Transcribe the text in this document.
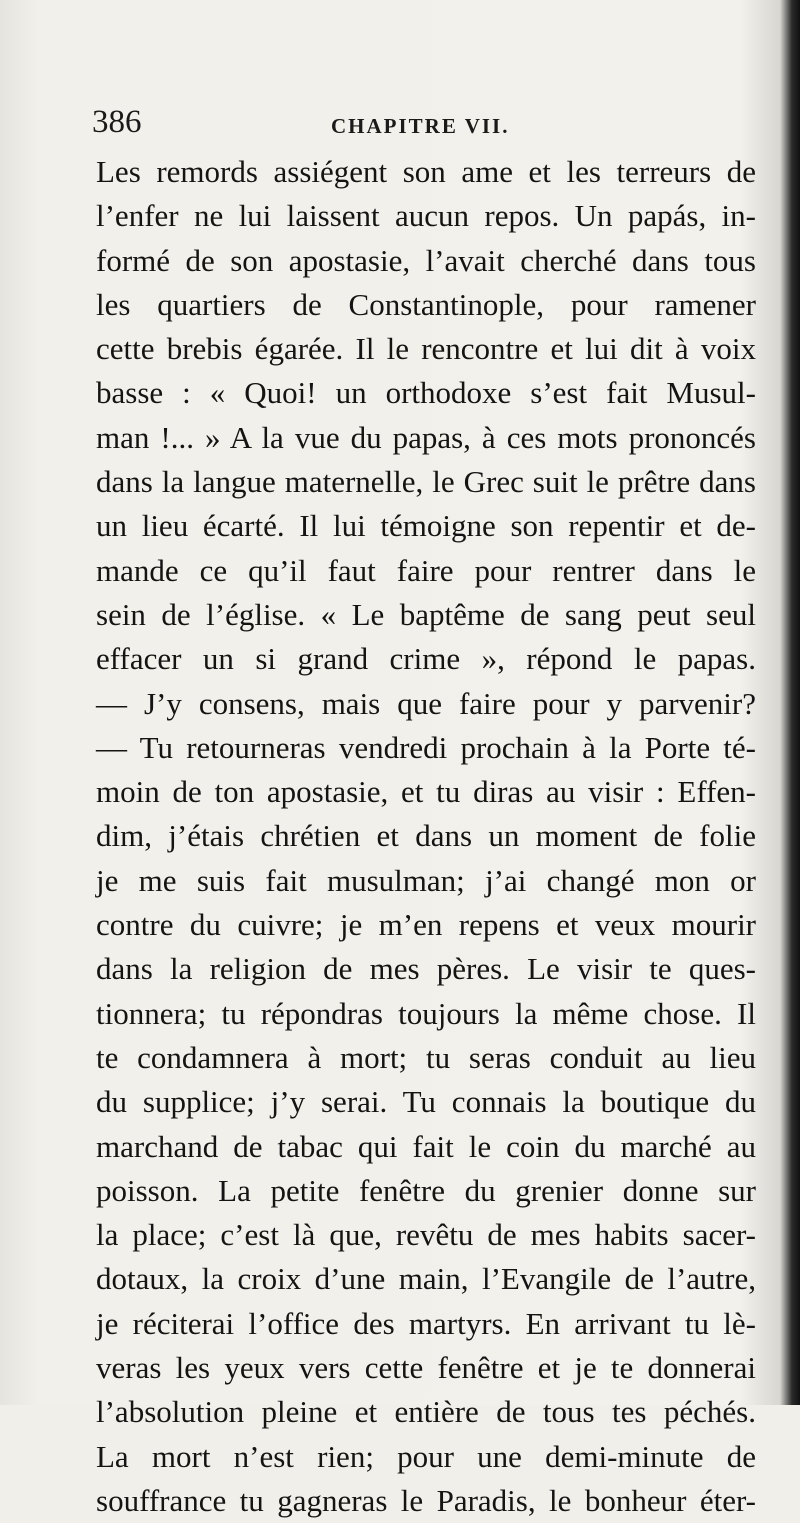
386	CHAPITRE VII.
Les remords assiégent son ame et les terreurs de
l’enfer ne lui laissent aucun repos. Un papás, in-
formé de son apostasie, l’avait cherché dans tous
les quartiers de Constantinople, pour ramener
cette brebis égarée. Il le rencontre et lui dit à voix
basse : « Quoi! un orthodoxe s’est fait Musul-
man !... » A la vue du papas, à ces mots prononcés
dans la langue maternelle, le Grec suit le prêtre dans
un lieu écarté. Il lui témoigne son repentir et de-
mande ce qu’il faut faire pour rentrer dans le
sein de l’église. « Le baptême de sang peut seul
effacer un si grand crime », répond le papas.
— J’y consens, mais que faire pour y parvenir?
— Tu retourneras vendredi prochain à la Porte té-
moin de ton apostasie, et tu diras au visir : Effen-
dim, j’étais chrétien et dans un moment de folie
je me suis fait musulman; j’ai changé mon or
contre du cuivre; je m’en repens et veux mourir
dans la religion de mes pères. Le visir te ques-
tionnera; tu répondras toujours la même chose. Il
te condamnera à mort; tu seras conduit au lieu
du supplice; j’y serai. Tu connais la boutique du
marchand de tabac qui fait le coin du marché au
poisson. La petite fenêtre du grenier donne sur
la place; c’est là que, revêtu de mes habits sacer-
dotaux, la croix d’une main, l’Evangile de l’autre,
je réciterai l’office des martyrs. En arrivant tu lè-
veras les yeux vers cette fenêtre et je te donnerai
l’absolution pleine et entière de tous tes péchés.
La mort n’est rien; pour une demi-minute de
souffrance tu gagneras le Paradis, le bonheur éter-
